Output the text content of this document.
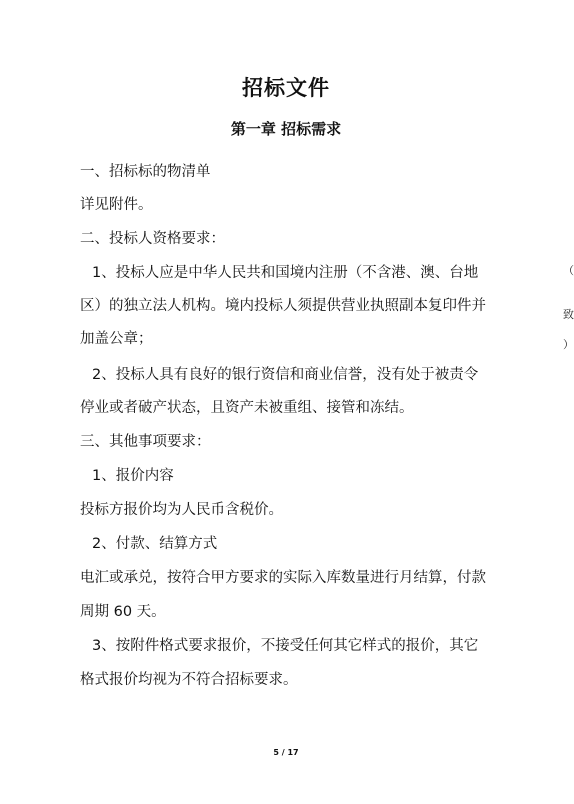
招标文件
第一章 招标需求
一、招标标的物清单
详见附件。
二、投标人资格要求：
1、投标人应是中华人民共和国境内注册（不含港、澳、台地
区）的独立法人机构。境内投标人须提供营业执照副本复印件并
加盖公章；
2、投标人具有良好的银行资信和商业信誉，没有处于被责令
停业或者破产状态，且资产未被重组、接管和冻结。
三、其他事项要求：
1、报价内容
投标方报价均为人民币含税价。
2、付款、结算方式
电汇或承兑，按符合甲方要求的实际入库数量进行月结算，付款
周期 60 天。
3、按附件格式要求报价，不接受任何其它样式的报价，其它
格式报价均视为不符合招标要求。
5 / 17
（
致
）
